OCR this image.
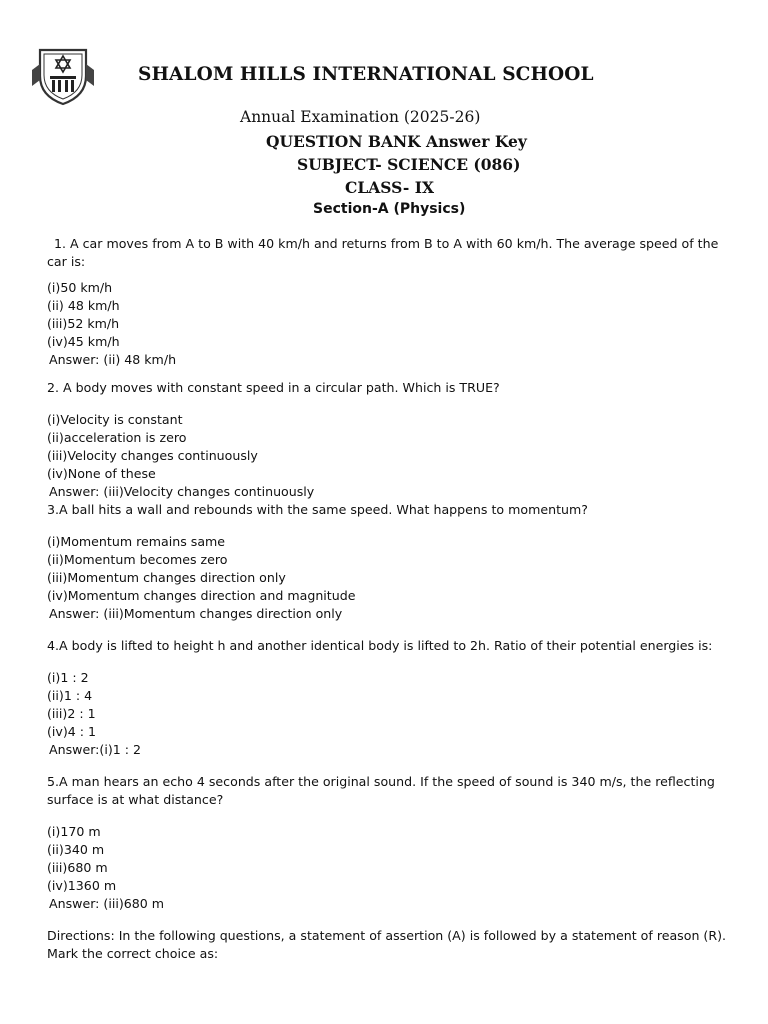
SHALOM HILLS INTERNATIONAL SCHOOL
Annual Examination (2025-26)
QUESTION BANK Answer Key
SUBJECT- SCIENCE (086)
CLASS- IX
Section-A (Physics)
1. A car moves from A to B with 40 km/h and returns from B to A with 60 km/h. The average speed of the car is:
(i)50 km/h
(ii) 48 km/h
(iii)52 km/h
(iv)45 km/h
Answer: (ii) 48 km/h
2. A body moves with constant speed in a circular path. Which is TRUE?
(i)Velocity is constant
(ii)acceleration is zero
(iii)Velocity changes continuously
(iv)None of these
Answer: (iii)Velocity changes continuously
3.A ball hits a wall and rebounds with the same speed. What happens to momentum?
(i)Momentum remains same
(ii)Momentum becomes zero
(iii)Momentum changes direction only
(iv)Momentum changes direction and magnitude
Answer: (iii)Momentum changes direction only
4.A body is lifted to height h and another identical body is lifted to 2h. Ratio of their potential energies is:
(i)1 : 2
(ii)1 : 4
(iii)2 : 1
(iv)4 : 1
Answer:(i)1 : 2
5.A man hears an echo 4 seconds after the original sound. If the speed of sound is 340 m/s, the reflecting surface is at what distance?
(i)170 m
(ii)340 m
(iii)680 m
(iv)1360 m
Answer: (iii)680 m
Directions: In the following questions, a statement of assertion (A) is followed by a statement of reason (R). Mark the correct choice as:
